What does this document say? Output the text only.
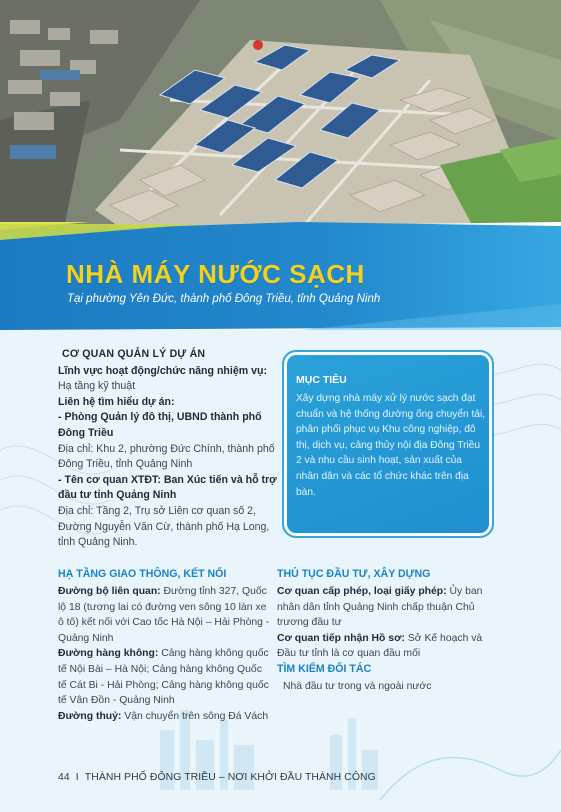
NHÀ MÁY NƯỚC SẠCH
Tại phường Yên Đức, thành phố Đông Triều, tỉnh Quảng Ninh
CƠ QUAN QUẢN LÝ DỰ ÁN
Lĩnh vực hoạt động/chức năng nhiệm vụ: Hạ tầng kỹ thuật
Liên hệ tìm hiểu dự án:
- Phòng Quản lý đô thị, UBND thành phố Đông Triều
Địa chỉ: Khu 2, phường Đức Chính, thành phố Đông Triều, tỉnh Quảng Ninh
- Tên cơ quan XTĐT: Ban Xúc tiến và hỗ trợ đầu tư tỉnh Quảng Ninh
Địa chỉ: Tầng 2, Trụ sở Liên cơ quan số 2, Đường Nguyễn Văn Cừ, thành phố Hạ Long, tỉnh Quảng Ninh.
MỤC TIÊU
Xây dựng nhà máy xử lý nước sạch đạt chuẩn và hệ thống đường ống chuyển tải, phân phối phục vụ Khu công nghiệp, đô thị, dịch vụ, cảng thủy nội địa Đông Triều 2 và nhu cầu sinh hoạt, sản xuất của nhân dân và các tổ chức khác trên địa bàn.
HẠ TẦNG GIAO THÔNG, KẾT NỐI

Đường bộ liên quan: Đường tỉnh 327, Quốc lộ 18 (tương lai có đường ven sông 10 làn xe ô tô) kết nối với Cao tốc Hà Nội – Hải Phòng - Quảng Ninh

Đường hàng không: Cảng hàng không quốc tế Nội Bài – Hà Nội; Cảng hàng không Quốc tế Cát Bi - Hải Phòng; Cảng hàng không quốc tế Vân Đồn - Quảng Ninh

Đường thuỷ: Vận chuyển trên sông Đá Vách

THỦ TỤC ĐẦU TƯ, XÂY DỰNG

Cơ quan cấp phép, loại giấy phép: Ủy ban nhân dân tỉnh Quảng Ninh chấp thuận Chủ trương đầu tư

Cơ quan tiếp nhận Hồ sơ: Sở Kế hoạch và Đầu tư tỉnh là cơ quan đầu mối

TÌM KIẾM ĐỐI TÁC
Nhà đầu tư trong và ngoài nước
44 I THÀNH PHỐ ĐÔNG TRIỀU – NƠI KHỞI ĐẦU THÀNH CÔNG
